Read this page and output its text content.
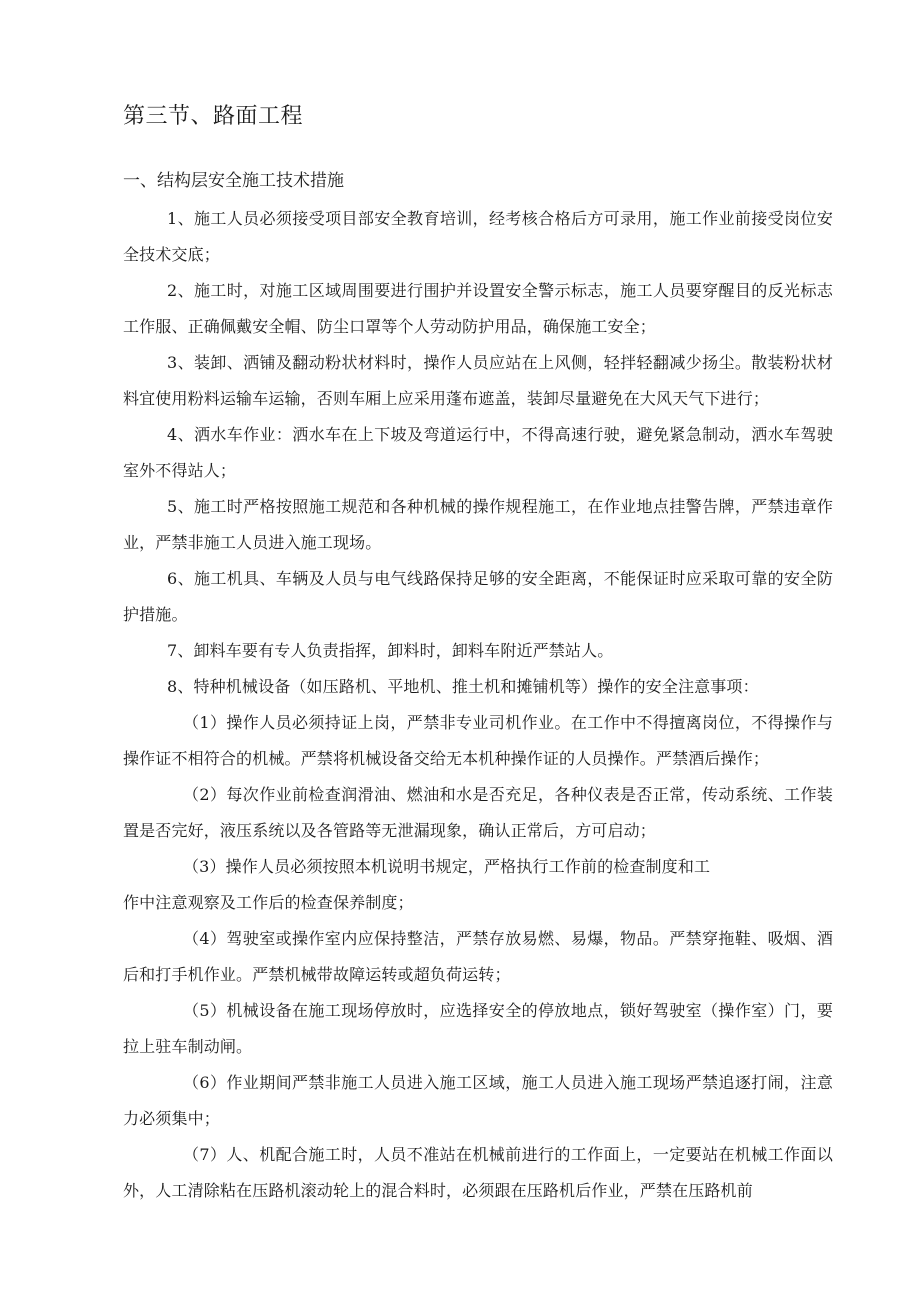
第三节、路面工程
一、结构层安全施工技术措施

1、施工人员必须接受项目部安全教育培训，经考核合格后方可录用，施工作业前接受岗位安全技术交底；

2、施工时，对施工区域周围要进行围护并设置安全警示标志，施工人员要穿醒目的反光标志工作服、正确佩戴安全帽、防尘口罩等个人劳动防护用品，确保施工安全；

3、装卸、洒铺及翻动粉状材料时，操作人员应站在上风侧，轻拌轻翻减少扬尘。散装粉状材料宜使用粉料运输车运输，否则车厢上应采用蓬布遮盖，装卸尽量避免在大风天气下进行；

4、洒水车作业：洒水车在上下坡及弯道运行中，不得高速行驶，避免紧急制动，洒水车驾驶室外不得站人；

5、施工时严格按照施工规范和各种机械的操作规程施工，在作业地点挂警告牌，严禁违章作业，严禁非施工人员进入施工现场。

6、施工机具、车辆及人员与电气线路保持足够的安全距离，不能保证时应采取可靠的安全防护措施。

7、卸料车要有专人负责指挥，卸料时，卸料车附近严禁站人。

8、特种机械设备（如压路机、平地机、推土机和摊铺机等）操作的安全注意事项：

（1）操作人员必须持证上岗，严禁非专业司机作业。在工作中不得擅离岗位，不得操作与操作证不相符合的机械。严禁将机械设备交给无本机种操作证的人员操作。严禁酒后操作；

（2）每次作业前检查润滑油、燃油和水是否充足，各种仪表是否正常，传动系统、工作装置是否完好，液压系统以及各管路等无泄漏现象，确认正常后，方可启动；

（3）操作人员必须按照本机说明书规定，严格执行工作前的检查制度和工

作中注意观察及工作后的检查保养制度；

（4）驾驶室或操作室内应保持整洁，严禁存放易燃、易爆，物品。严禁穿拖鞋、吸烟、酒后和打手机作业。严禁机械带故障运转或超负荷运转；

（5）机械设备在施工现场停放时，应选择安全的停放地点，锁好驾驶室（操作室）门，要拉上驻车制动闸。

（6）作业期间严禁非施工人员进入施工区域，施工人员进入施工现场严禁追逐打闹，注意力必须集中；

（7）人、机配合施工时，人员不准站在机械前进行的工作面上，一定要站在机械工作面以外，人工清除粘在压路机滚动轮上的混合料时，必须跟在压路机后作业，严禁在压路机前
